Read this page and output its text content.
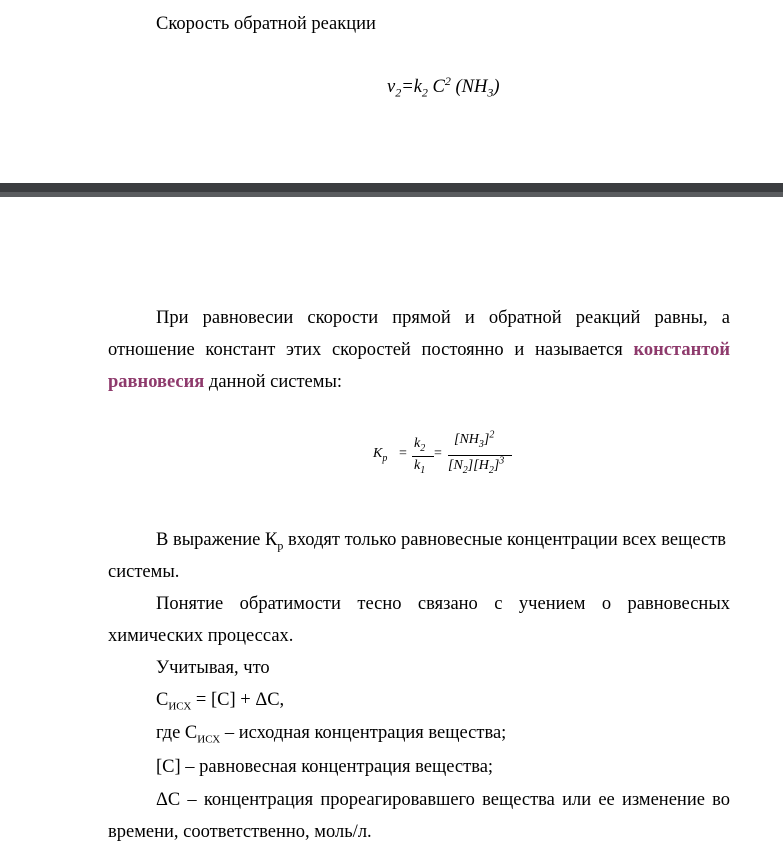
Скорость обратной реакции
$v_2=k_2$ $C^2$ $(NH_3)$
При равновесии скорости прямой и обратной реакций равны, а
отношение констант этих скоростей постоянно и называется константой
равновесия данной системы:
$K_p$ =
$k_2$
$k_1$
=
$[NH_3]^2$
$[N_2][H_2]^3$
В выражение $К_р$ входят только равновесные концентрации всех веществ
системы.
Понятие обратимости тесно связано с учением о равновесных
химических процессах.
Учитывая, что
$С_{ИСХ} = [C] + \Delta C$,
где $С_{ИСХ}$ – исходная концентрация вещества;
[C] – равновесная концентрация вещества;
ΔC – концентрация прореагировавшего вещества или ее изменение во
времени, соответственно, моль/л.
